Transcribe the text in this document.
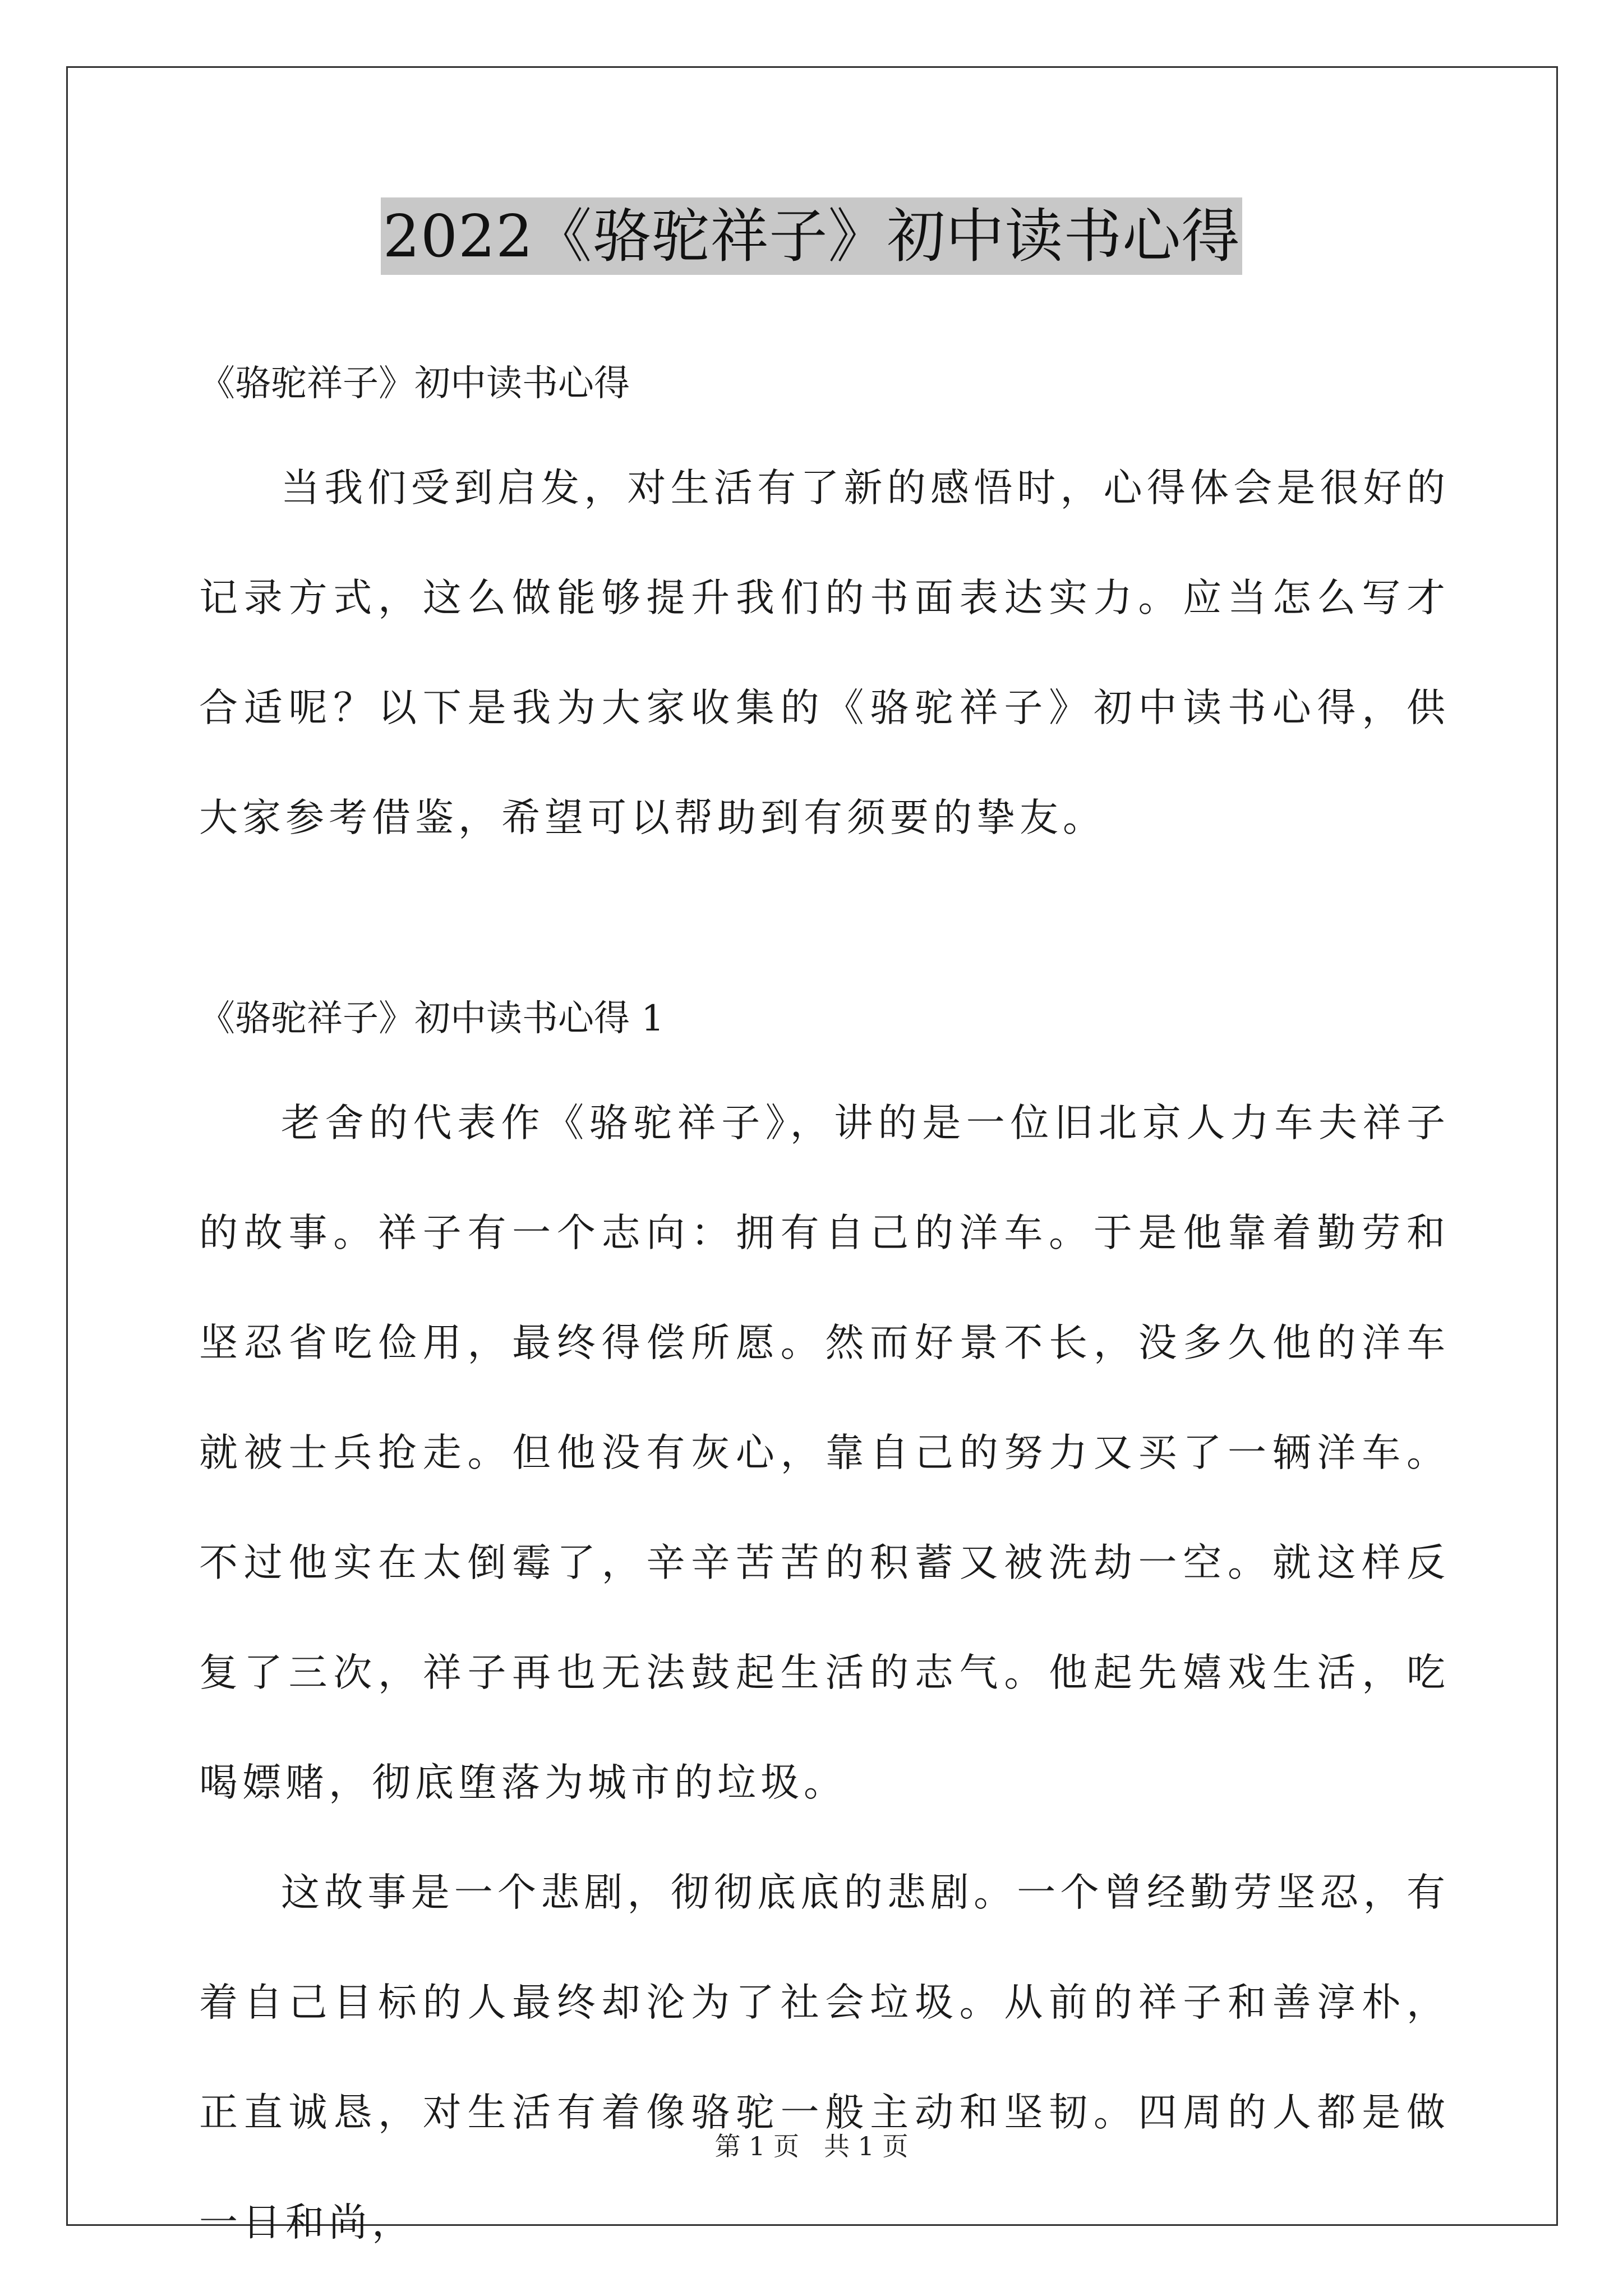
2022《骆驼祥子》初中读书心得

《骆驼祥子》初中读书心得

当我们受到启发，对生活有了新的感悟时，心得体会是很好的记录方式，这么做能够提升我们的书面表达实力。应当怎么写才合适呢？以下是我为大家收集的《骆驼祥子》初中读书心得，供大家参考借鉴，希望可以帮助到有须要的挚友。

《骆驼祥子》初中读书心得 1

老舍的代表作《骆驼祥子》，讲的是一位旧北京人力车夫祥子的故事。祥子有一个志向：拥有自己的洋车。于是他靠着勤劳和坚忍省吃俭用，最终得偿所愿。然而好景不长，没多久他的洋车就被士兵抢走。但他没有灰心，靠自己的努力又买了一辆洋车。不过他实在太倒霉了，辛辛苦苦的积蓄又被洗劫一空。就这样反复了三次，祥子再也无法鼓起生活的志气。他起先嬉戏生活，吃喝嫖赌，彻底堕落为城市的垃圾。

这故事是一个悲剧，彻彻底底的悲剧。一个曾经勤劳坚忍，有着自己目标的人最终却沦为了社会垃圾。从前的祥子和善淳朴，正直诚恳，对生活有着像骆驼一般主动和坚韧。四周的人都是做一日和尚，

第 1 页 共 1 页
